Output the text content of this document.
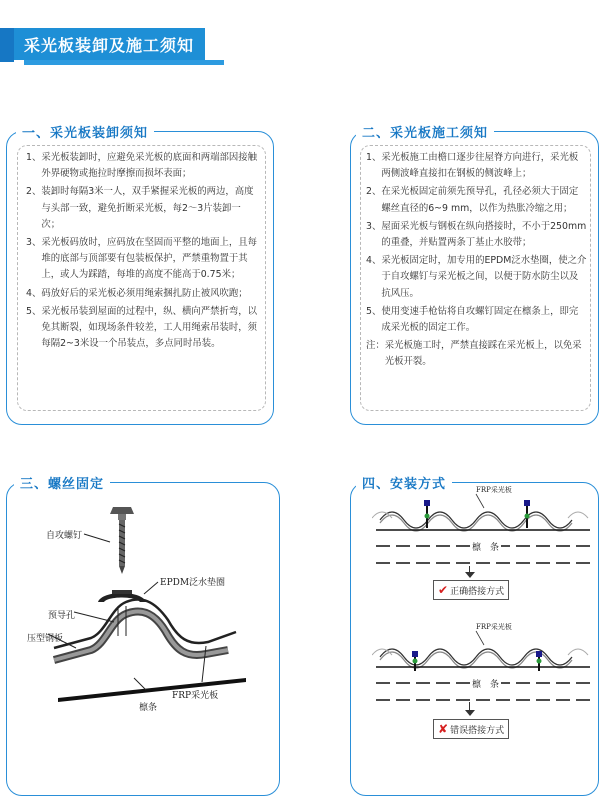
采光板装卸及施工须知
一、采光板装卸须知
1、 采光板装卸时，应避免采光板的底面和两端部因接触外界硬物或拖拉时摩擦而损坏表面；
2、 装卸时每隔3米一人，双手紧握采光板的两边，高度与头部一致，避免折断采光板，每2～3片装卸一次；
3、 采光板码放时，应码放在坚固而平整的地面上，且每堆的底部与顶部要有包装板保护，严禁重物置于其上，或人为踩踏，每堆的高度不能高于0.75米；
4、 码放好后的采光板必须用绳索捆扎防止被风吹跑；
5、 采光板吊装到屋面的过程中，纵、横向严禁折弯，以免其断裂，如现场条件较差，工人用绳索吊装时，须每隔2~3米设一个吊装点，多点同时吊装。
二、采光板施工须知
1、 采光板施工由檐口逐步往屋脊方向进行，采光板两侧波峰直接扣在钢板的侧波峰上；
2、 在采光板固定前须先预导孔，孔径必须大于固定螺丝直径的6~9 mm，以作为热胀冷缩之用；
3、 屋面采光板与钢板在纵向搭接时，不小于250mm的重叠，并贴置两条丁基止水胶带；
4、 采光板固定时，加专用的EPDM泛水垫圈，使之介于自攻螺钉与采光板之间，以便于防水防尘以及抗风压。
5、 使用变速手枪钻将自攻螺钉固定在檩条上，即完成采光板的固定工作。
注： 采光板施工时，严禁直接踩在采光板上，以免采光板开裂。
三、螺丝固定
自攻螺钉
EPDM泛水垫圈
预导孔
压型钢板
FRP采光板
檩条
四、安装方式	FRP采光板
檩　条
✔ 正确搭接方式
FRP采光板
檩　条
✘ 错误搭接方式
